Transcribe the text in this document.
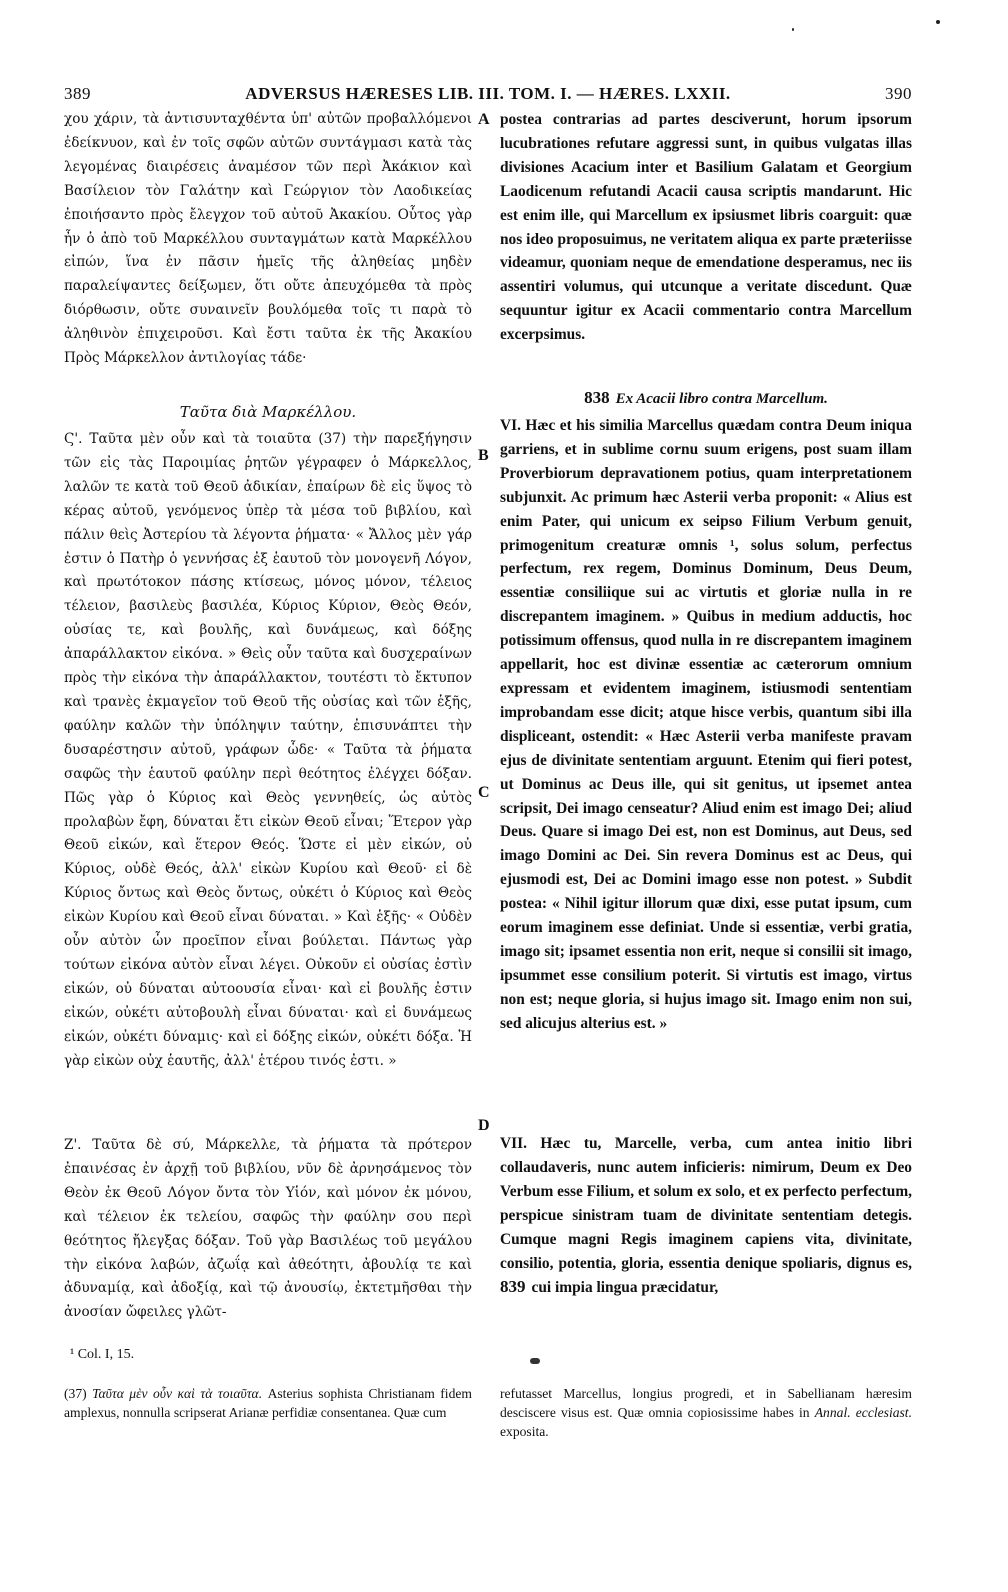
389	ADVERSUS HÆRESES LIB. III. TOM. I. — HÆRES. LXXII.	390

χου χάριν, τὰ ἀντισυνταχθέντα ὑπ' αὐτῶν προβαλλόμενοι ἐδείκνυον, καὶ ἐν τοῖς σφῶν αὐτῶν συντάγμασι κατὰ τὰς λεγομένας διαιρέσεις ἀναμέσον τῶν περὶ Ἀκάκιον καὶ Βασίλειον τὸν Γαλάτην καὶ Γεώργιον τὸν Λαοδικείας ἐποιήσαντο πρὸς ἔλεγχον τοῦ αὐτοῦ Ἀκακίου. Οὗτος γὰρ ἦν ὁ ἀπὸ τοῦ Μαρκέλλου συνταγμάτων κατὰ Μαρκέλλου εἰπών, ἵνα ἐν πᾶσιν ἡμεῖς τῆς ἀληθείας μηδὲν παραλείψαντες δείξωμεν, ὅτι οὔτε ἀπευχόμεθα τὰ πρὸς διόρθωσιν, οὔτε συναινεῖν βουλόμεθα τοῖς τι παρὰ τὸ ἀληθινὸν ἐπιχειροῦσι. Καὶ ἔστι ταῦτα ἐκ τῆς Ἀκακίου Πρὸς Μάρκελλον ἀντιλογίας τάδε·

Ταῦτα διὰ Μαρκέλλου.

Ϛ'. Ταῦτα μὲν οὖν καὶ τὰ τοιαῦτα (37) τὴν παρεξήγησιν τῶν εἰς τὰς Παροιμίας ῥητῶν γέγραφεν ὁ Μάρκελλος, λαλῶν τε κατὰ τοῦ Θεοῦ ἀδικίαν, ἐπαίρων δὲ εἰς ὕψος τὸ κέρας αὐτοῦ, γενόμενος ὑπὲρ τὰ μέσα τοῦ βιβλίου, καὶ πάλιν θεὶς Ἀστερίου τὰ λέγοντα ῥήματα· « Ἄλλος μὲν γάρ ἐστιν ὁ Πατὴρ ὁ γεννήσας ἐξ ἑαυτοῦ τὸν μονογενῆ Λόγον, καὶ πρωτότοκον πάσης κτίσεως, μόνος μόνον, τέλειος τέλειον, βασιλεὺς βασιλέα, Κύριος Κύριον, Θεὸς Θεόν, οὐσίας τε, καὶ βουλῆς, καὶ δυνάμεως, καὶ δόξης ἀπαράλλακτον εἰκόνα. » Θεὶς οὖν ταῦτα καὶ δυσχεραίνων πρὸς τὴν εἰκόνα τὴν ἀπαράλλακτον, τουτέστι τὸ ἔκτυπον καὶ τρανὲς ἐκμαγεῖον τοῦ Θεοῦ τῆς οὐσίας καὶ τῶν ἑξῆς, φαύλην καλῶν τὴν ὑπόληψιν ταύτην, ἐπισυνάπτει τὴν δυσαρέστησιν αὐτοῦ, γράφων ὧδε· « Ταῦτα τὰ ῥήματα σαφῶς τὴν ἑαυτοῦ φαύλην περὶ θεότητος ἐλέγχει δόξαν. Πῶς γὰρ ὁ Κύριος καὶ Θεὸς γεννηθείς, ὡς αὐτὸς προλαβὼν ἔφη, δύναται ἔτι εἰκὼν Θεοῦ εἶναι; Ἕτερον γὰρ Θεοῦ εἰκών, καὶ ἕτερον Θεός. Ὥστε εἰ μὲν εἰκών, οὐ Κύριος, οὐδὲ Θεός, ἀλλ' εἰκὼν Κυρίου καὶ Θεοῦ· εἰ δὲ Κύριος ὄντως καὶ Θεὸς ὄντως, οὐκέτι ὁ Κύριος καὶ Θεὸς εἰκὼν Κυρίου καὶ Θεοῦ εἶναι δύναται. » Καὶ ἑξῆς· « Οὐδὲν οὖν αὐτὸν ὧν προεῖπον εἶναι βούλεται. Πάντως γὰρ τούτων εἰκόνα αὐτὸν εἶναι λέγει. Οὐκοῦν εἰ οὐσίας ἐστὶν εἰκών, οὐ δύναται αὐτοουσία εἶναι· καὶ εἰ βουλῆς ἐστιν εἰκών, οὐκέτι αὐτοβουλὴ εἶναι δύναται· καὶ εἰ δυνάμεως εἰκών, οὐκέτι δύναμις· καὶ εἰ δόξης εἰκών, οὐκέτι δόξα. Ἡ γὰρ εἰκὼν οὐχ ἑαυτῆς, ἀλλ' ἑτέρου τινός ἐστι. »

Ζ'. Ταῦτα δὲ σύ, Μάρκελλε, τὰ ῥήματα τὰ πρότερον ἐπαινέσας ἐν ἀρχῇ τοῦ βιβλίου, νῦν δὲ ἀρνησάμενος τὸν Θεὸν ἐκ Θεοῦ Λόγον ὄντα τὸν Υἱόν, καὶ μόνον ἐκ μόνου, καὶ τέλειον ἐκ τελείου, σαφῶς τὴν φαύλην σου περὶ θεότητος ἤλεγξας δόξαν. Τοῦ γὰρ Βασιλέως τοῦ μεγάλου τὴν εἰκόνα λαβών, ἀζωΐᾳ καὶ ἀθεότητι, ἀβουλίᾳ τε καὶ ἀδυναμίᾳ, καὶ ἀδοξίᾳ, καὶ τῷ ἀνουσίῳ, ἐκτετμῆσθαι τὴν ἀνοσίαν ὤφειλες γλῶτ-

postea contrarias ad partes desciverunt, horum ipsorum lucubrationes refutare aggressi sunt, in quibus vulgatas illas divisiones Acacium inter et Basilium Galatam et Georgium Laodicenum refutandi Acacii causa scriptis mandarunt. Hic est enim ille, qui Marcellum ex ipsiusmet libris coarguit: quæ nos ideo proposuimus, ne veritatem aliqua ex parte præteriisse videamur, quoniam neque de emendatione desperamus, nec iis assentiri volumus, qui utcunque a veritate discedunt. Quæ sequuntur igitur ex Acacii commentario contra Marcellum excerpsimus.

838 Ex Acacii libro contra Marcellum.

VI. Hæc et his similia Marcellus quædam contra Deum iniqua garriens, et in sublime cornu suum erigens, post suam illam Proverbiorum depravationem potius, quam interpretationem subjunxit. Ac primum hæc Asterii verba proponit: « Alius est enim Pater, qui unicum ex seipso Filium Verbum genuit, primogenitum creaturæ omnis ¹, solus solum, perfectus perfectum, rex regem, Dominus Dominum, Deus Deum, essentiæ consiliique sui ac virtutis et gloriæ nulla in re discrepantem imaginem. » Quibus in medium adductis, hoc potissimum offensus, quod nulla in re discrepantem imaginem appellarit, hoc est divinæ essentiæ ac cæterorum omnium expressam et evidentem imaginem, istiusmodi sententiam improbandam esse dicit; atque hisce verbis, quantum sibi illa displiceant, ostendit: « Hæc Asterii verba manifeste pravam ejus de divinitate sententiam arguunt. Etenim qui fieri potest, ut Dominus ac Deus ille, qui sit genitus, ut ipsemet antea scripsit, Dei imago censeatur? Aliud enim est imago Dei; aliud Deus. Quare si imago Dei est, non est Dominus, aut Deus, sed imago Domini ac Dei. Sin revera Dominus est ac Deus, qui ejusmodi est, Dei ac Domini imago esse non potest. » Subdit postea: « Nihil igitur illorum quæ dixi, esse putat ipsum, cum eorum imaginem esse definiat. Unde si essentiæ, verbi gratia, imago sit; ipsamet essentia non erit, neque si consilii sit imago, ipsummet esse consilium poterit. Si virtutis est imago, virtus non est; neque gloria, si hujus imago sit. Imago enim non sui, sed alicujus alterius est. »

VII. Hæc tu, Marcelle, verba, cum antea initio libri collaudaveris, nunc autem inficieris: nimirum, Deum ex Deo Verbum esse Filium, et solum ex solo, et ex perfecto perfectum, perspicue sinistram tuam de divinitate sententiam detegis. Cumque magni Regis imaginem capiens vita, divinitate, consilio, potentia, gloria, essentia denique spoliaris, dignus es, 839 cui impia lingua præcidatur,

A
B
C
D
¹ Col. I, 15.
(37) Ταῦτα μὲν οὖν καὶ τὰ τοιαῦτα. Asterius sophista Christianam fidem amplexus, nonnulla scripserat Arianæ perfidiæ consentanea. Quæ cum
refutasset Marcellus, longius progredi, et in Sabellianam hæresim desciscere visus est. Quæ omnia copiosissime habes in Annal. ecclesiast. exposita.
